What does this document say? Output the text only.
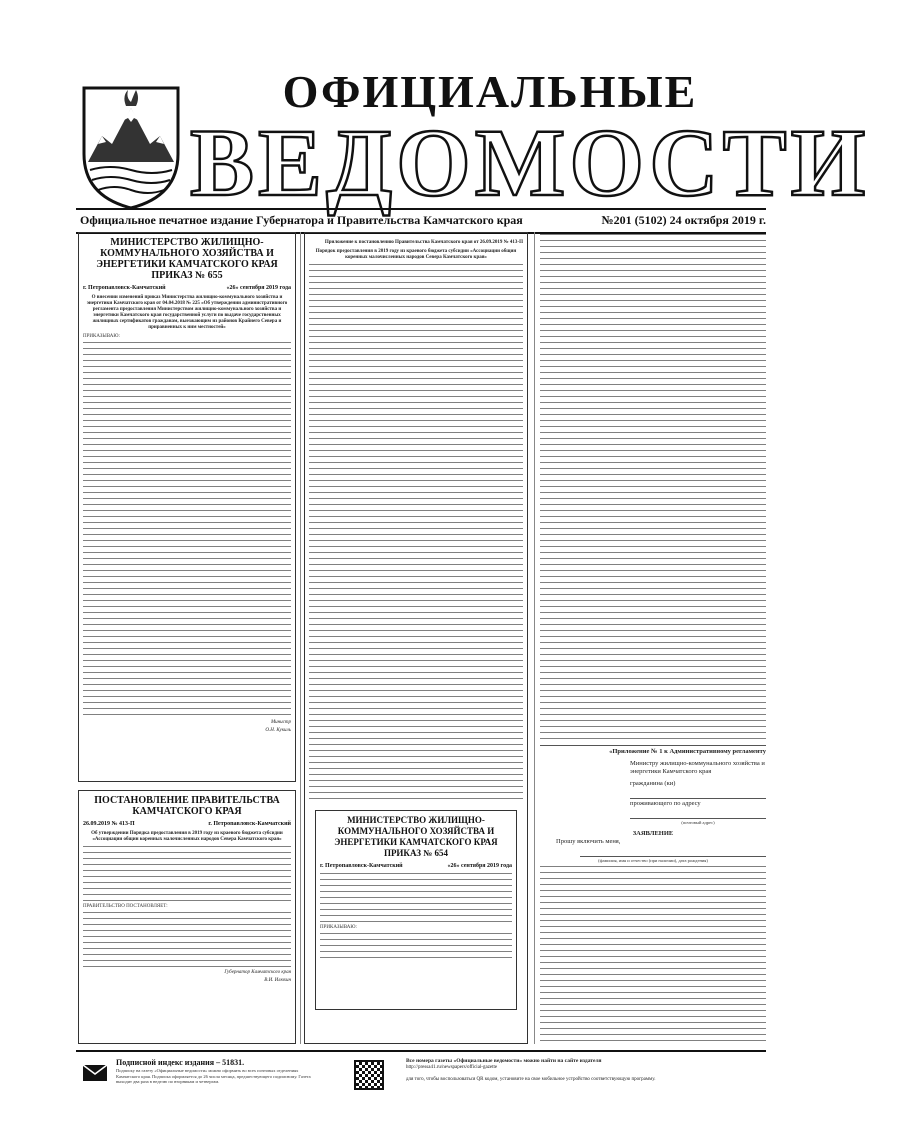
ОФИЦИАЛЬНЫЕ
ВЕДОМОСТИ
Официальное печатное издание Губернатора и Правительства Камчатского края	№201 (5102) 24 октября 2019 г.
МИНИСТЕРСТВО ЖИЛИЩНО-КОММУНАЛЬНОГО ХОЗЯЙСТВА И ЭНЕРГЕТИКИ КАМЧАТСКОГО КРАЯ
ПРИКАЗ № 655
г. Петропавловск-Камчатский	«26» сентября 2019 года
О внесении изменений приказ Министерства жилищно-коммунального хозяйства и энергетики Камчатского края от 04.04.2018 № 225 «Об утверждении административного регламента предоставления Министерством жилищно-коммунального хозяйства и энергетики Камчатского края государственной услуги по выдаче государственных жилищных сертификатов гражданам, выезжающим из районов Крайнего Севера и приравненных к ним местностей»
ПРИКАЗЫВАЮ:
Министр
О.Н. Кукиль
ПОСТАНОВЛЕНИЕ ПРАВИТЕЛЬСТВА КАМЧАТСКОГО КРАЯ
26.09.2019 № 413-П	г. Петропавловск-Камчатский
Об утверждении Порядка предоставления в 2019 году из краевого бюджета субсидии «Ассоциации общин коренных малочисленных народов Севера Камчатского края»
ПРАВИТЕЛЬСТВО ПОСТАНОВЛЯЕТ:
Губернатор Камчатского края
В.И. Илюхин
Приложение к постановлению Правительства Камчатского края от 26.09.2019 № 413-П
Порядок предоставления в 2019 году из краевого бюджета субсидии «Ассоциации общин коренных малочисленных народов Севера Камчатского края»
МИНИСТЕРСТВО ЖИЛИЩНО-КОММУНАЛЬНОГО ХОЗЯЙСТВА И ЭНЕРГЕТИКИ КАМЧАТСКОГО КРАЯ
ПРИКАЗ № 654
г. Петропавловск-Камчатский	«26» сентября 2019 года
ПРИКАЗЫВАЮ:
«Приложение № 1 к Административному регламенту
Министру жилищно-коммунального хозяйства и энергетики Камчатского края
гражданина (ки)
проживающего по адресу
(почтовый адрес)
ЗАЯВЛЕНИЕ
Прошу включить меня,
(фамилия, имя и отчество (при наличии), дата рождения)
Подписной индекс издания – 51831.
Подписку на газету «Официальные ведомости» можно оформить во всех почтовых отделениях Камчатского края. Подписка оформляется до 26 числа месяца, предшествующего подписному. Газета выходит два раза в неделю по вторникам и четвергам.
Все номера газеты «Официальные ведомости» можно найти на сайте издателя
http://pressa41.ru/newspapers/official-gazette

для того, чтобы воспользоваться QR кодом, установите на свое мобильное устройство соответствующую программу.
